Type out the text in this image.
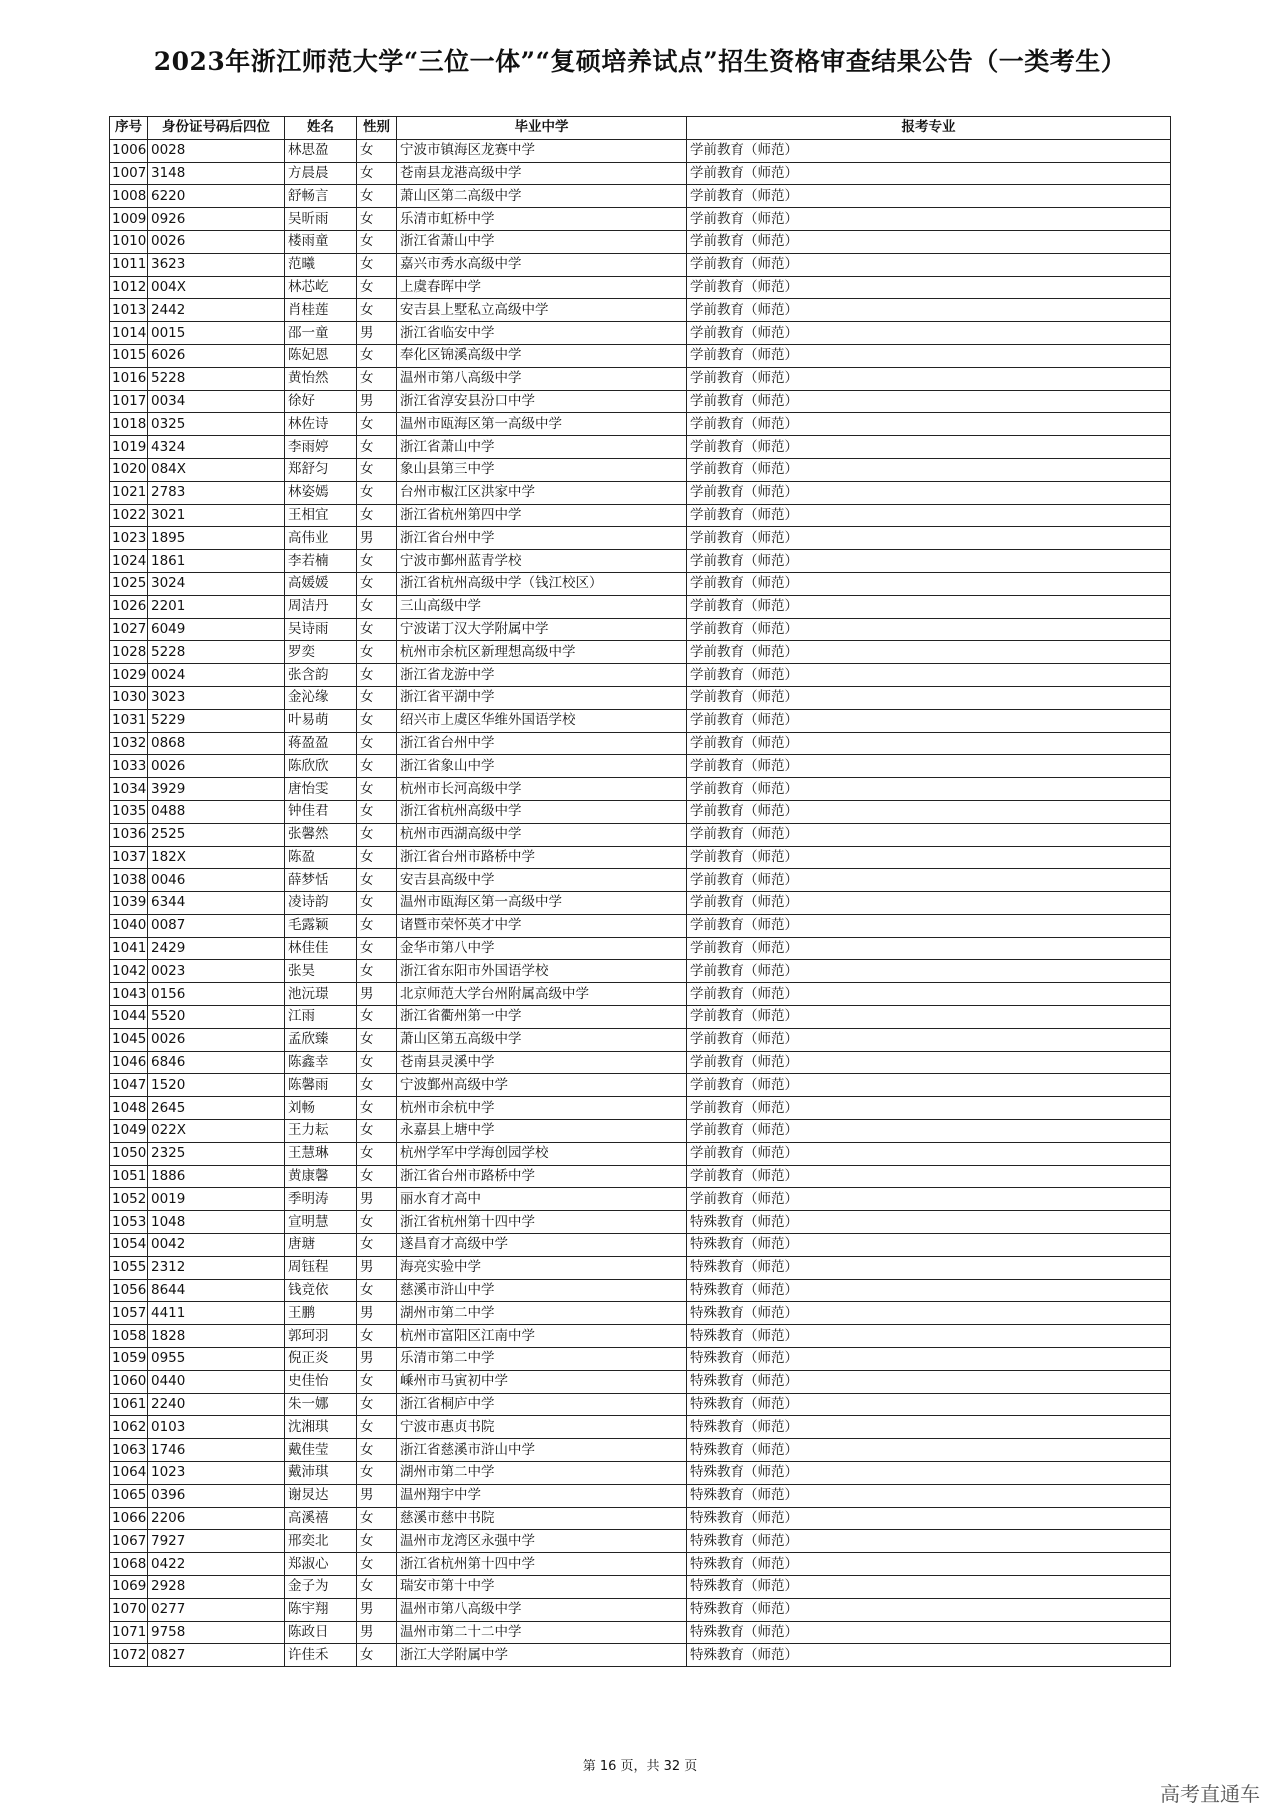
2023年浙江师范大学“三位一体”“复硕培养试点”招生资格审查结果公告（一类考生）
序号	身份证号码后四位	姓名	性别	毕业中学	报考专业
1006	0028	林思盈	女	宁波市镇海区龙赛中学	学前教育（师范）
1007	3148	方晨晨	女	苍南县龙港高级中学	学前教育（师范）
1008	6220	舒畅言	女	萧山区第二高级中学	学前教育（师范）
1009	0926	吴昕雨	女	乐清市虹桥中学	学前教育（师范）
1010	0026	楼雨童	女	浙江省萧山中学	学前教育（师范）
1011	3623	范曦	女	嘉兴市秀水高级中学	学前教育（师范）
1012	004X	林芯屹	女	上虞春晖中学	学前教育（师范）
1013	2442	肖桂莲	女	安吉县上墅私立高级中学	学前教育（师范）
1014	0015	邵一童	男	浙江省临安中学	学前教育（师范）
1015	6026	陈妃恩	女	奉化区锦溪高级中学	学前教育（师范）
1016	5228	黄怡然	女	温州市第八高级中学	学前教育（师范）
1017	0034	徐好	男	浙江省淳安县汾口中学	学前教育（师范）
1018	0325	林佐诗	女	温州市瓯海区第一高级中学	学前教育（师范）
1019	4324	李雨婷	女	浙江省萧山中学	学前教育（师范）
1020	084X	郑舒匀	女	象山县第三中学	学前教育（师范）
1021	2783	林姿嫣	女	台州市椒江区洪家中学	学前教育（师范）
1022	3021	王相宜	女	浙江省杭州第四中学	学前教育（师范）
1023	1895	高伟业	男	浙江省台州中学	学前教育（师范）
1024	1861	李若楠	女	宁波市鄞州蓝青学校	学前教育（师范）
1025	3024	高媛媛	女	浙江省杭州高级中学（钱江校区）	学前教育（师范）
1026	2201	周洁丹	女	三山高级中学	学前教育（师范）
1027	6049	吴诗雨	女	宁波诺丁汉大学附属中学	学前教育（师范）
1028	5228	罗奕	女	杭州市余杭区新理想高级中学	学前教育（师范）
1029	0024	张含韵	女	浙江省龙游中学	学前教育（师范）
1030	3023	金沁缘	女	浙江省平湖中学	学前教育（师范）
1031	5229	叶易萌	女	绍兴市上虞区华维外国语学校	学前教育（师范）
1032	0868	蒋盈盈	女	浙江省台州中学	学前教育（师范）
1033	0026	陈欣欣	女	浙江省象山中学	学前教育（师范）
1034	3929	唐怡雯	女	杭州市长河高级中学	学前教育（师范）
1035	0488	钟佳君	女	浙江省杭州高级中学	学前教育（师范）
1036	2525	张馨然	女	杭州市西湖高级中学	学前教育（师范）
1037	182X	陈盈	女	浙江省台州市路桥中学	学前教育（师范）
1038	0046	薛梦恬	女	安吉县高级中学	学前教育（师范）
1039	6344	凌诗韵	女	温州市瓯海区第一高级中学	学前教育（师范）
1040	0087	毛露颖	女	诸暨市荣怀英才中学	学前教育（师范）
1041	2429	林佳佳	女	金华市第八中学	学前教育（师范）
1042	0023	张昊	女	浙江省东阳市外国语学校	学前教育（师范）
1043	0156	池沅璟	男	北京师范大学台州附属高级中学	学前教育（师范）
1044	5520	江雨	女	浙江省衢州第一中学	学前教育（师范）
1045	0026	孟欣臻	女	萧山区第五高级中学	学前教育（师范）
1046	6846	陈鑫幸	女	苍南县灵溪中学	学前教育（师范）
1047	1520	陈馨雨	女	宁波鄞州高级中学	学前教育（师范）
1048	2645	刘畅	女	杭州市余杭中学	学前教育（师范）
1049	022X	王力耘	女	永嘉县上塘中学	学前教育（师范）
1050	2325	王慧琳	女	杭州学军中学海创园学校	学前教育（师范）
1051	1886	黄康馨	女	浙江省台州市路桥中学	学前教育（师范）
1052	0019	季明涛	男	丽水育才高中	学前教育（师范）
1053	1048	宣明慧	女	浙江省杭州第十四中学	特殊教育（师范）
1054	0042	唐瑭	女	遂昌育才高级中学	特殊教育（师范）
1055	2312	周钰程	男	海亮实验中学	特殊教育（师范）
1056	8644	钱竞依	女	慈溪市浒山中学	特殊教育（师范）
1057	4411	王鹏	男	湖州市第二中学	特殊教育（师范）
1058	1828	郭珂羽	女	杭州市富阳区江南中学	特殊教育（师范）
1059	0955	倪正炎	男	乐清市第二中学	特殊教育（师范）
1060	0440	史佳怡	女	嵊州市马寅初中学	特殊教育（师范）
1061	2240	朱一娜	女	浙江省桐庐中学	特殊教育（师范）
1062	0103	沈湘琪	女	宁波市惠贞书院	特殊教育（师范）
1063	1746	戴佳莹	女	浙江省慈溪市浒山中学	特殊教育（师范）
1064	1023	戴沛琪	女	湖州市第二中学	特殊教育（师范）
1065	0396	谢炅达	男	温州翔宇中学	特殊教育（师范）
1066	2206	高溪禧	女	慈溪市慈中书院	特殊教育（师范）
1067	7927	邢奕北	女	温州市龙湾区永强中学	特殊教育（师范）
1068	0422	郑淑心	女	浙江省杭州第十四中学	特殊教育（师范）
1069	2928	金子为	女	瑞安市第十中学	特殊教育（师范）
1070	0277	陈宇翔	男	温州市第八高级中学	特殊教育（师范）
1071	9758	陈政日	男	温州市第二十二中学	特殊教育（师范）
1072	0827	许佳禾	女	浙江大学附属中学	特殊教育（师范）

第 16 页，共 32 页

高考直通车
